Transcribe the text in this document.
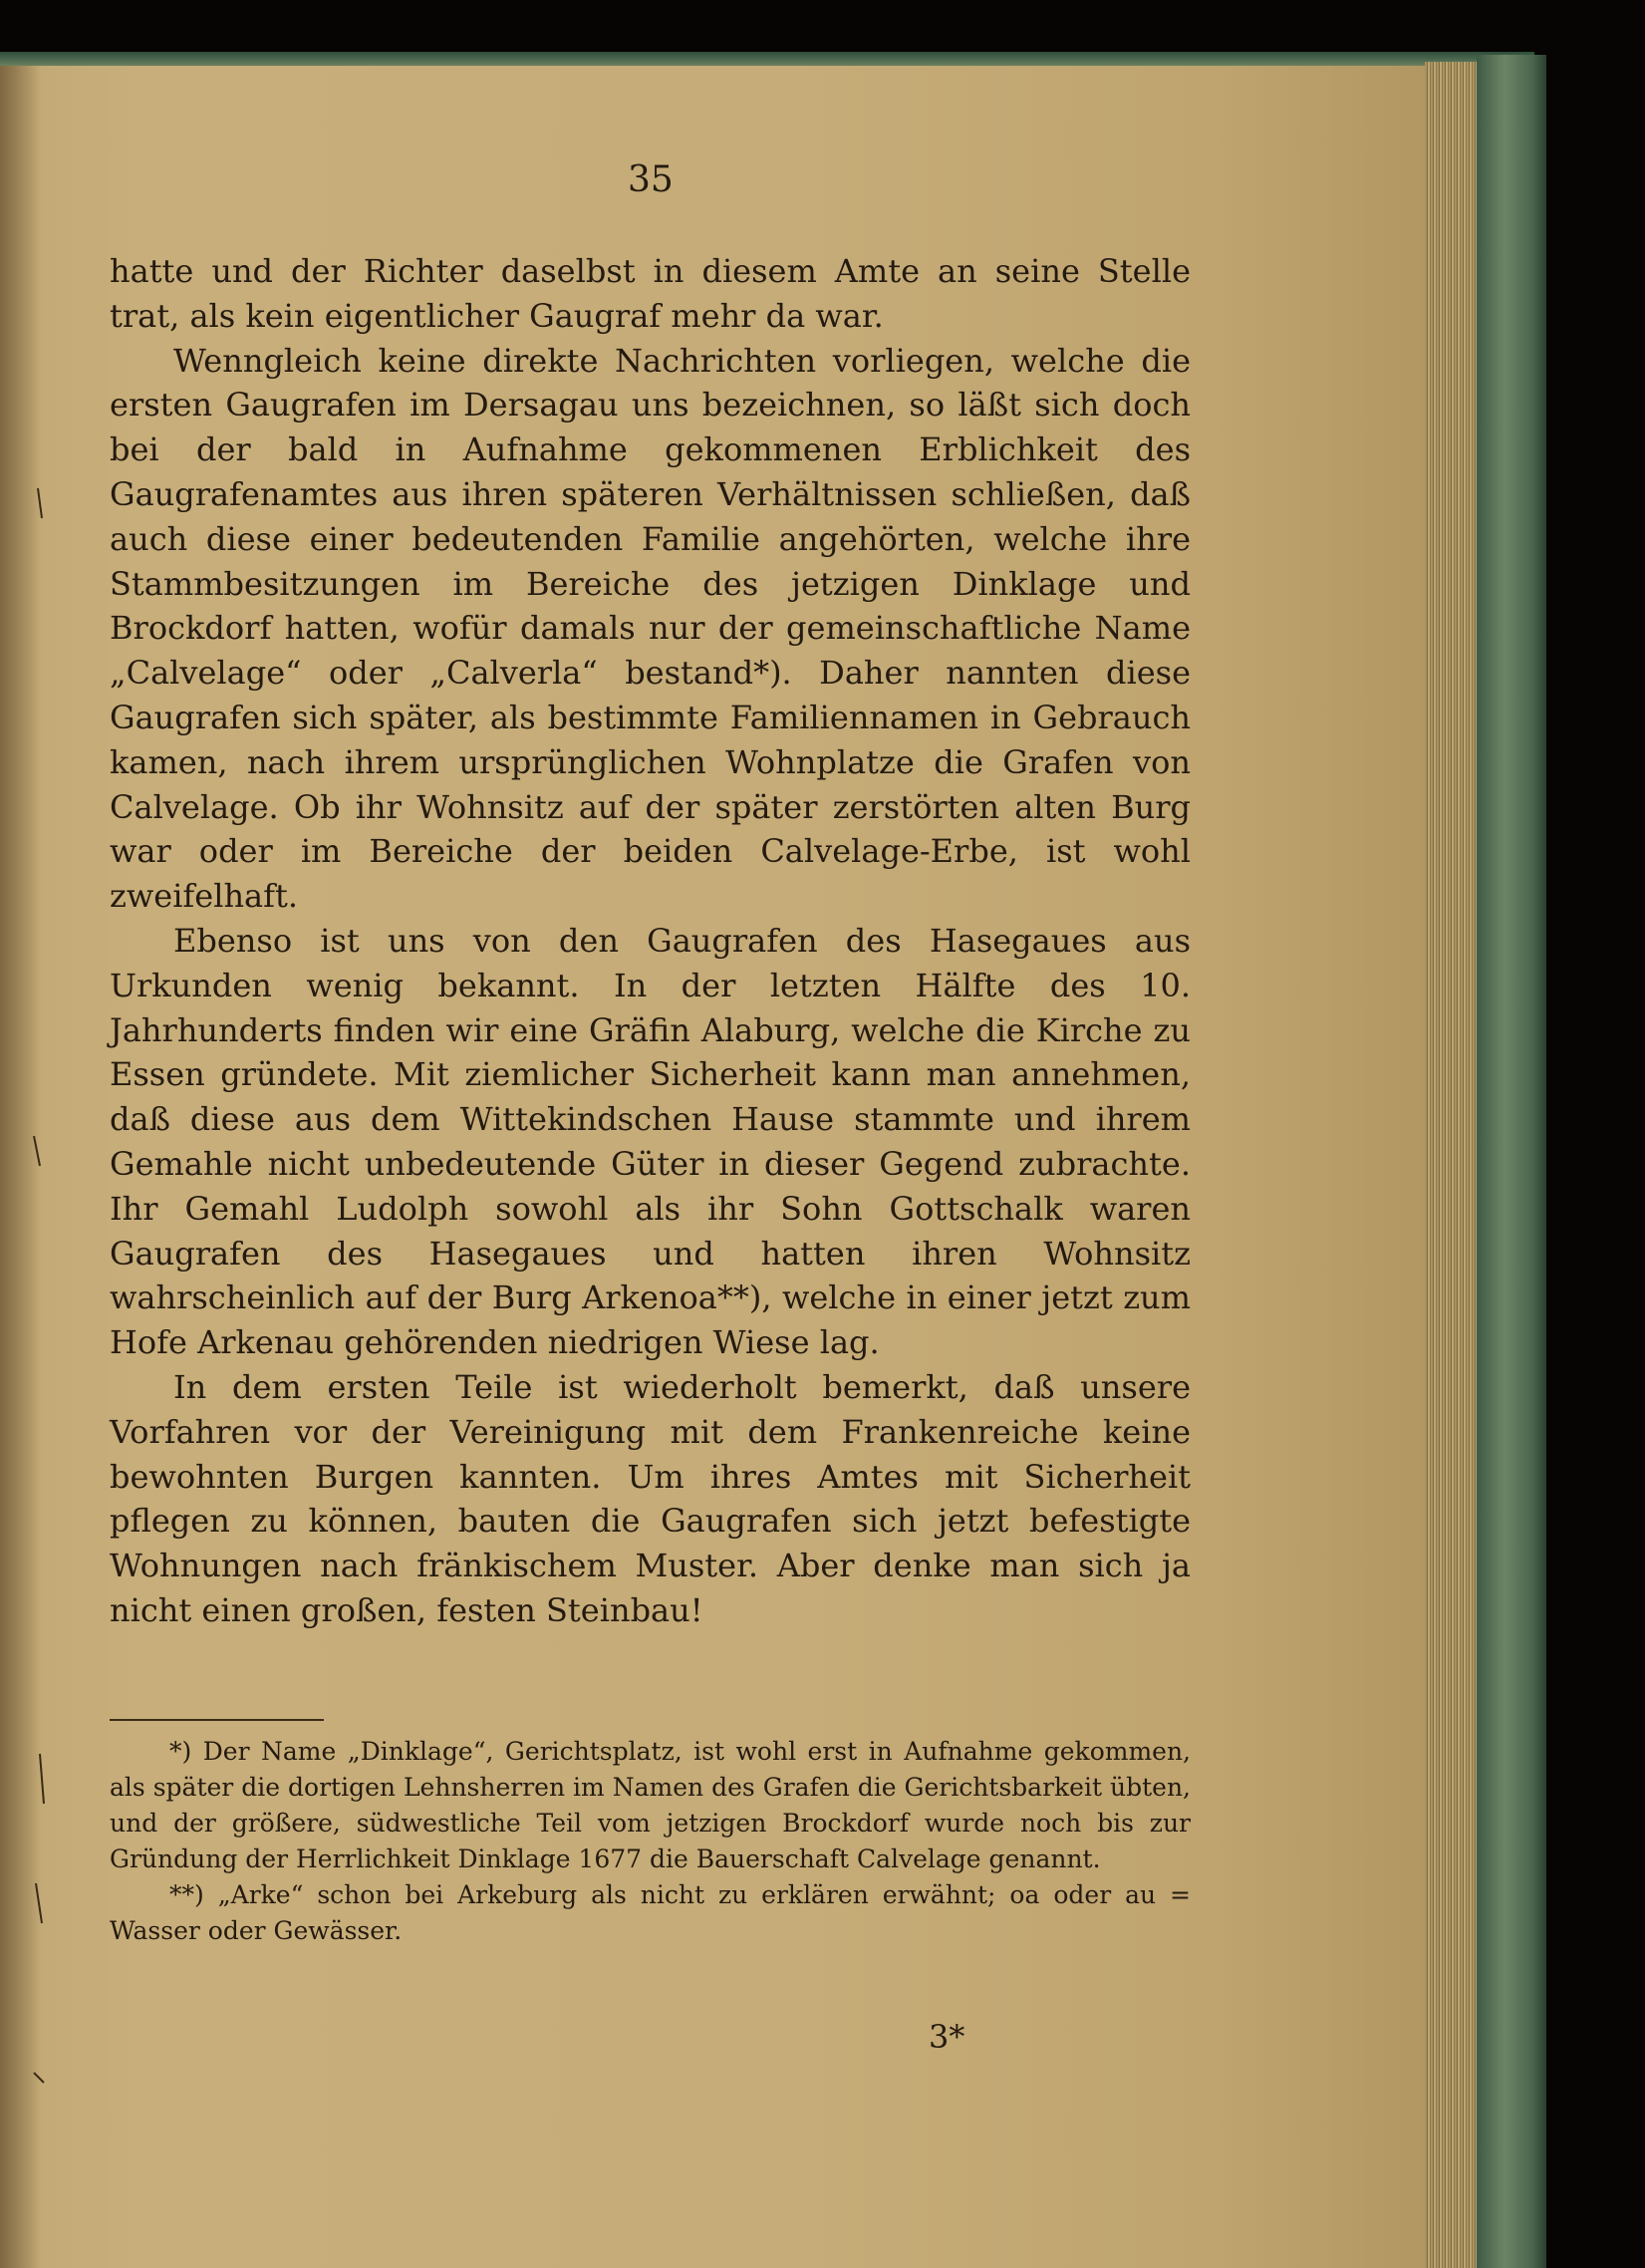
35

hatte und der Richter daselbst in diesem Amte an seine Stelle trat, als kein eigentlicher Gaugraf mehr da war.

Wenngleich keine direkte Nachrichten vorliegen, welche die ersten Gaugrafen im Dersagau uns bezeichnen, so läßt sich doch bei der bald in Aufnahme gekommenen Erblichkeit des Gaugrafenamtes aus ihren späteren Verhältnissen schließen, daß auch diese einer bedeutenden Familie angehörten, welche ihre Stammbesitzungen im Bereiche des jetzigen Dinklage und Brockdorf hatten, wofür damals nur der gemeinschaftliche Name „Calvelage“ oder „Calverla“ bestand*). Daher nannten diese Gaugrafen sich später, als bestimmte Familiennamen in Gebrauch kamen, nach ihrem ursprünglichen Wohnplatze die Grafen von Calvelage. Ob ihr Wohnsitz auf der später zerstörten alten Burg war oder im Bereiche der beiden Calvelage-Erbe, ist wohl zweifelhaft.

Ebenso ist uns von den Gaugrafen des Hasegaues aus Urkunden wenig bekannt. In der letzten Hälfte des 10. Jahrhunderts finden wir eine Gräfin Alaburg, welche die Kirche zu Essen gründete. Mit ziemlicher Sicherheit kann man annehmen, daß diese aus dem Wittekindschen Hause stammte und ihrem Gemahle nicht unbedeutende Güter in dieser Gegend zubrachte. Ihr Gemahl Ludolph sowohl als ihr Sohn Gottschalk waren Gaugrafen des Hasegaues und hatten ihren Wohnsitz wahrscheinlich auf der Burg Arkenoa**), welche in einer jetzt zum Hofe Arkenau gehörenden niedrigen Wiese lag.

In dem ersten Teile ist wiederholt bemerkt, daß unsere Vorfahren vor der Vereinigung mit dem Frankenreiche keine bewohnten Burgen kannten. Um ihres Amtes mit Sicherheit pflegen zu können, bauten die Gaugrafen sich jetzt befestigte Wohnungen nach fränkischem Muster. Aber denke man sich ja nicht einen großen, festen Steinbau!

*) Der Name „Dinklage“, Gerichtsplatz, ist wohl erst in Aufnahme gekommen, als später die dortigen Lehnsherren im Namen des Grafen die Gerichtsbarkeit übten, und der größere, südwestliche Teil vom jetzigen Brockdorf wurde noch bis zur Gründung der Herrlichkeit Dinklage 1677 die Bauerschaft Calvelage genannt.

**) „Arke“ schon bei Arkeburg als nicht zu erklären erwähnt; oa oder au = Wasser oder Gewässer.

3*
